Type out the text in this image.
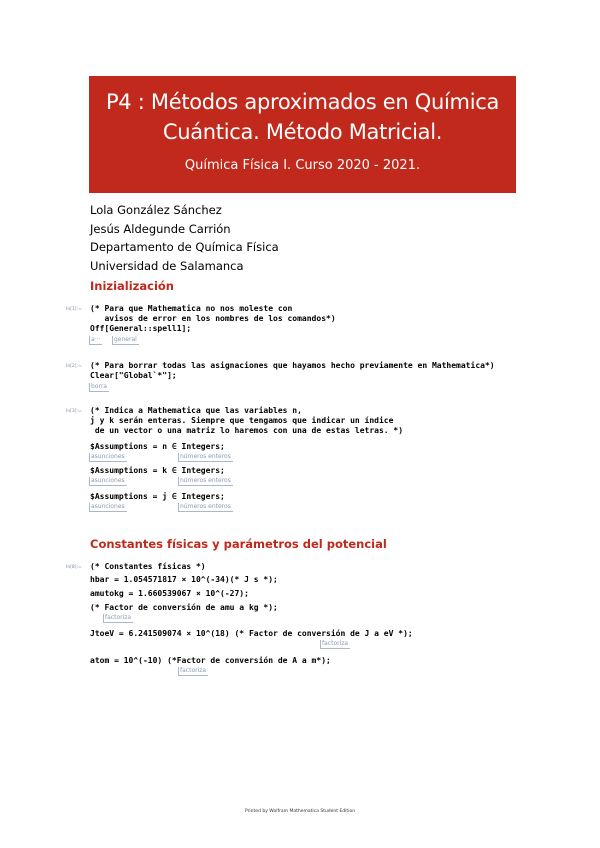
P4 : Métodos aproximados en Química
Cuántica. Método Matricial.
Química Física I. Curso 2020 - 2021.
Lola González Sánchez
Jesús Aldegunde Carrión
Departamento de Química Física
Universidad de Salamanca
Inizialización
In[1]:= (* Para que Mathematica no nos moleste con
avisos de error en los nombres de los comandos*)
Off[General::spell1];
a···	general
In[2]:= (* Para borrar todas las asignaciones que hayamos hecho previamente en Mathematica*)
Clear["Global`*"];
borra
In[3]:= (* Indica a Mathematica que las variables n,
j y k serán enteras. Siempre que tengamos que indicar un índice
de un vector o una matriz lo haremos con una de estas letras. *)
$Assumptions = n ∈ Integers;
asunciones	números enteros
$Assumptions = k ∈ Integers;
asunciones	números enteros
$Assumptions = j ∈ Integers;
asunciones	números enteros
Constantes físicas y parámetros del potencial
In[8]:= (* Constantes físicas *)
hbar = 1.054571817 × 10^(-34)(* J s *);
amutokg = 1.660539067 × 10^(-27);
(* Factor de conversión de amu a kg *);
factoriza
JtoeV = 6.241509074 × 10^(18) (* Factor de conversión de J a eV *);
factoriza
atom = 10^(-10) (*Factor de conversión de A a m*);
factoriza
Printed by Wolfram Mathematica Student Edition
